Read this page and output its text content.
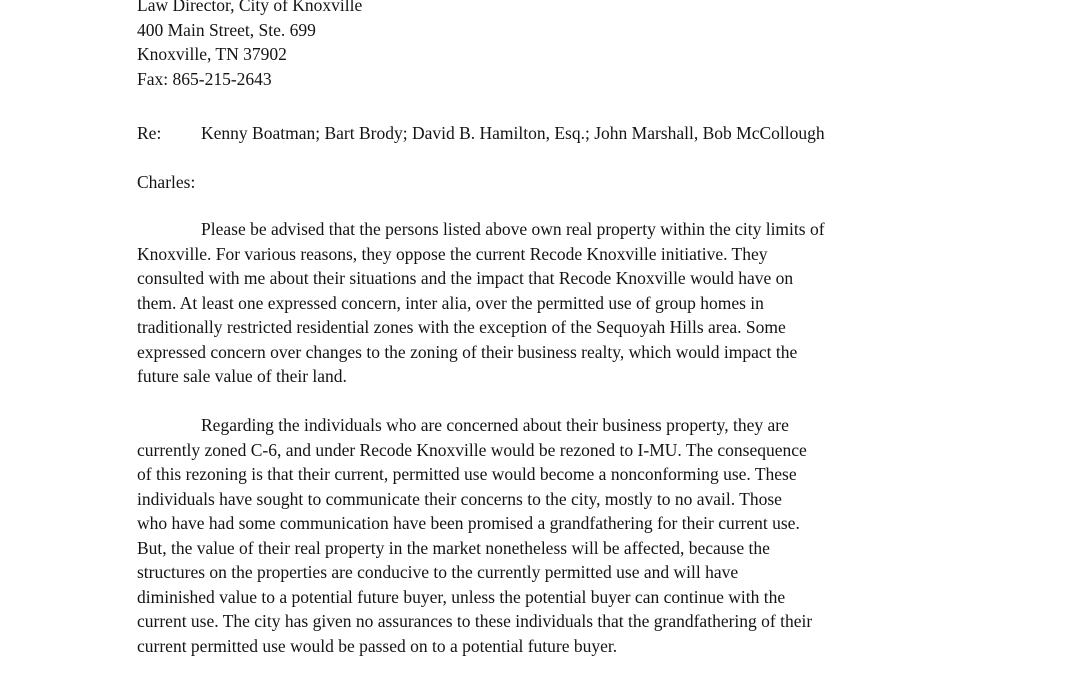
Law Director, City of Knoxville
400 Main Street, Ste. 699
Knoxville, TN 37902
Fax: 865-215-2643
Re: Kenny Boatman; Bart Brody; David B. Hamilton, Esq.; John Marshall, Bob McCollough
Charles:
Please be advised that the persons listed above own real property within the city limits of
Knoxville. For various reasons, they oppose the current Recode Knoxville initiative. They
consulted with me about their situations and the impact that Recode Knoxville would have on
them. At least one expressed concern, inter alia, over the permitted use of group homes in
traditionally restricted residential zones with the exception of the Sequoyah Hills area. Some
expressed concern over changes to the zoning of their business realty, which would impact the
future sale value of their land.
Regarding the individuals who are concerned about their business property, they are
currently zoned C-6, and under Recode Knoxville would be rezoned to I-MU. The consequence
of this rezoning is that their current, permitted use would become a nonconforming use. These
individuals have sought to communicate their concerns to the city, mostly to no avail. Those
who have had some communication have been promised a grandfathering for their current use.
But, the value of their real property in the market nonetheless will be affected, because the
structures on the properties are conducive to the currently permitted use and will have
diminished value to a potential future buyer, unless the potential buyer can continue with the
current use. The city has given no assurances to these individuals that the grandfathering of their
current permitted use would be passed on to a potential future buyer.
